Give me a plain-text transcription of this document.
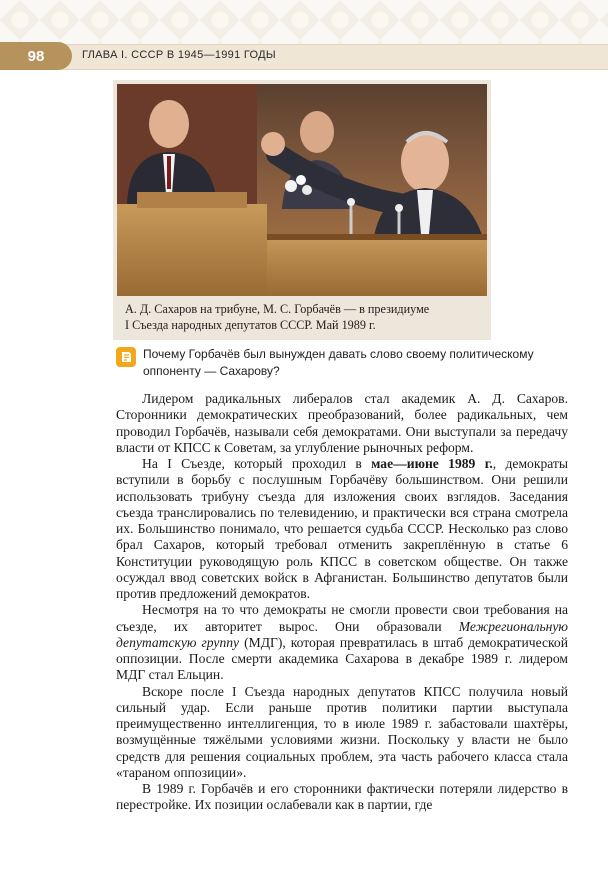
98	ГЛАВА I. СССР В 1945—1991 ГОДЫ
А. Д. Сахаров на трибуне, М. С. Горбачёв — в президиуме
I Съезда народных депутатов СССР. Май 1989 г.
Почему Горбачёв был вынужден давать слово своему политическому оппоненту — Сахарову?

Лидером радикальных либералов стал академик А. Д. Сахаров. Сторонники демократических преобразований, более радикальных, чем проводил Горбачёв, называли себя демократами. Они выступали за передачу власти от КПСС к Советам, за углубление рыночных реформ.

На I Съезде, который проходил в мае—июне 1989 г., демократы вступили в борьбу с послушным Горбачёву большинством. Они решили использовать трибуну съезда для изложения своих взглядов. Заседания съезда транслировались по телевидению, и практически вся страна смотрела их. Большинство понимало, что решается судьба СССР. Несколько раз слово брал Сахаров, который требовал отменить закреплённую в статье 6 Конституции руководящую роль КПСС в советском обществе. Он также осуждал ввод советских войск в Афганистан. Большинство депутатов были против предложений демократов.

Несмотря на то что демократы не смогли провести свои требования на съезде, их авторитет вырос. Они образовали Межрегиональную депутатскую группу (МДГ), которая превратилась в штаб демократической оппозиции. После смерти академика Сахарова в декабре 1989 г. лидером МДГ стал Ельцин.

Вскоре после I Съезда народных депутатов КПСС получила новый сильный удар. Если раньше против политики партии выступала преимущественно интеллигенция, то в июле 1989 г. забастовали шахтёры, возмущённые тяжёлыми условиями жизни. Поскольку у власти не было средств для решения социальных проблем, эта часть рабочего класса стала «тараном оппозиции».

В 1989 г. Горбачёв и его сторонники фактически потеряли лидерство в перестройке. Их позиции ослабевали как в партии, где
